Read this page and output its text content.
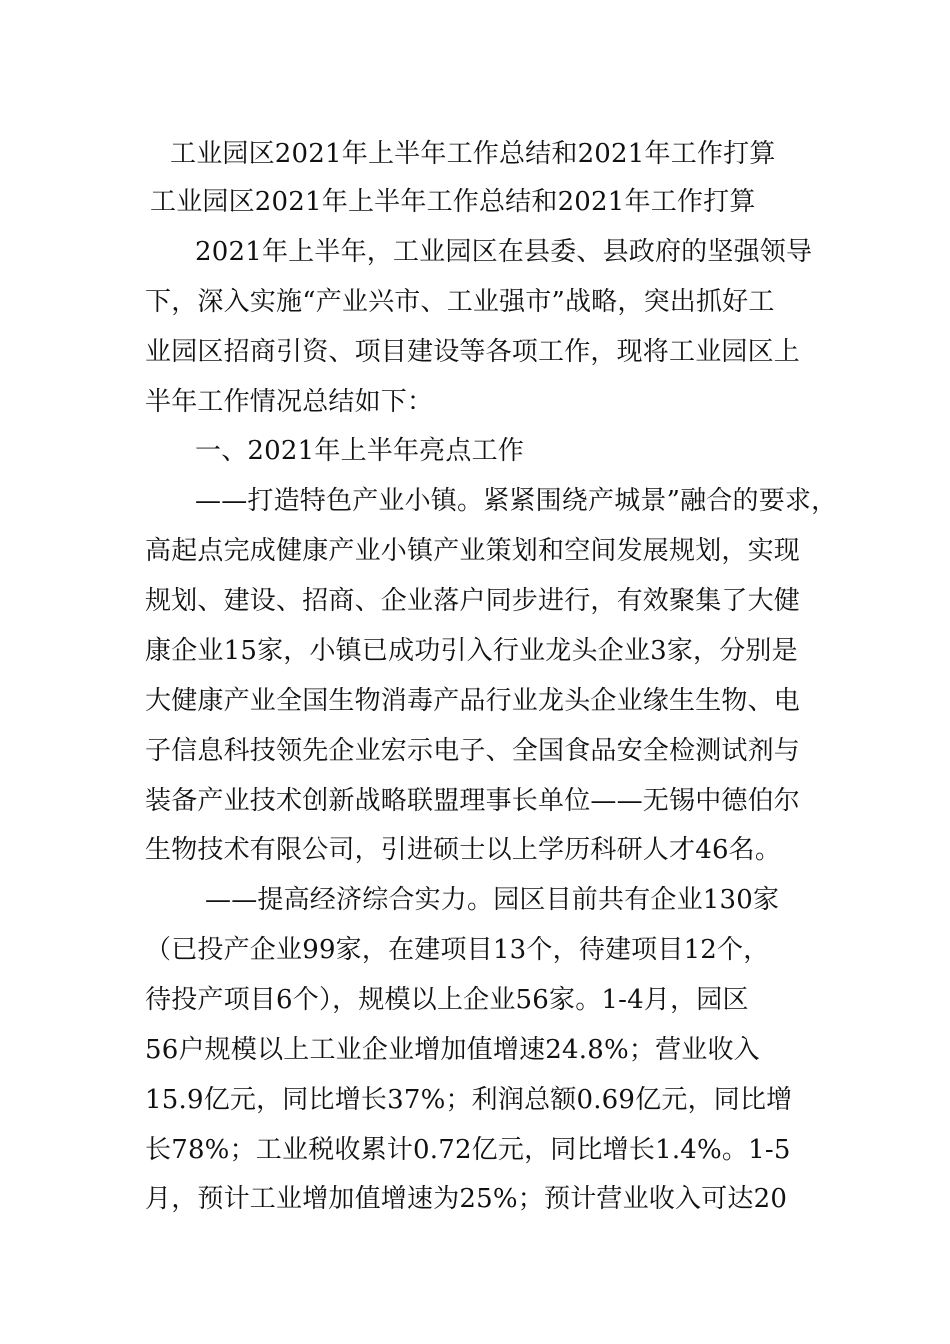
工业园区2021年上半年工作总结和2021年工作打算
工业园区2021年上半年工作总结和2021年工作打算
2021年上半年，工业园区在县委、县政府的坚强领导
下，深入实施“产业兴市、工业强市”战略，突出抓好工
业园区招商引资、项目建设等各项工作，现将工业园区上
半年工作情况总结如下：
一、2021年上半年亮点工作
——打造特色产业小镇。紧紧围绕产城景”融合的要求，
高起点完成健康产业小镇产业策划和空间发展规划，实现
规划、建设、招商、企业落户同步进行，有效聚集了大健
康企业15家，小镇已成功引入行业龙头企业3家，分别是
大健康产业全国生物消毒产品行业龙头企业缘生生物、电
子信息科技领先企业宏示电子、全国食品安全检测试剂与
装备产业技术创新战略联盟理事长单位——无锡中德伯尔
生物技术有限公司，引进硕士以上学历科研人才46名。
——提高经济综合实力。园区目前共有企业130家
（已投产企业99家，在建项目13个，待建项目12个，
待投产项目6个），规模以上企业56家。1-4月，园区
56户规模以上工业企业增加值增速24.8%；营业收入
15.9亿元，同比增长37%；利润总额0.69亿元，同比增
长78%；工业税收累计0.72亿元，同比增长1.4%。1-5
月，预计工业增加值增速为25%；预计营业收入可达20
